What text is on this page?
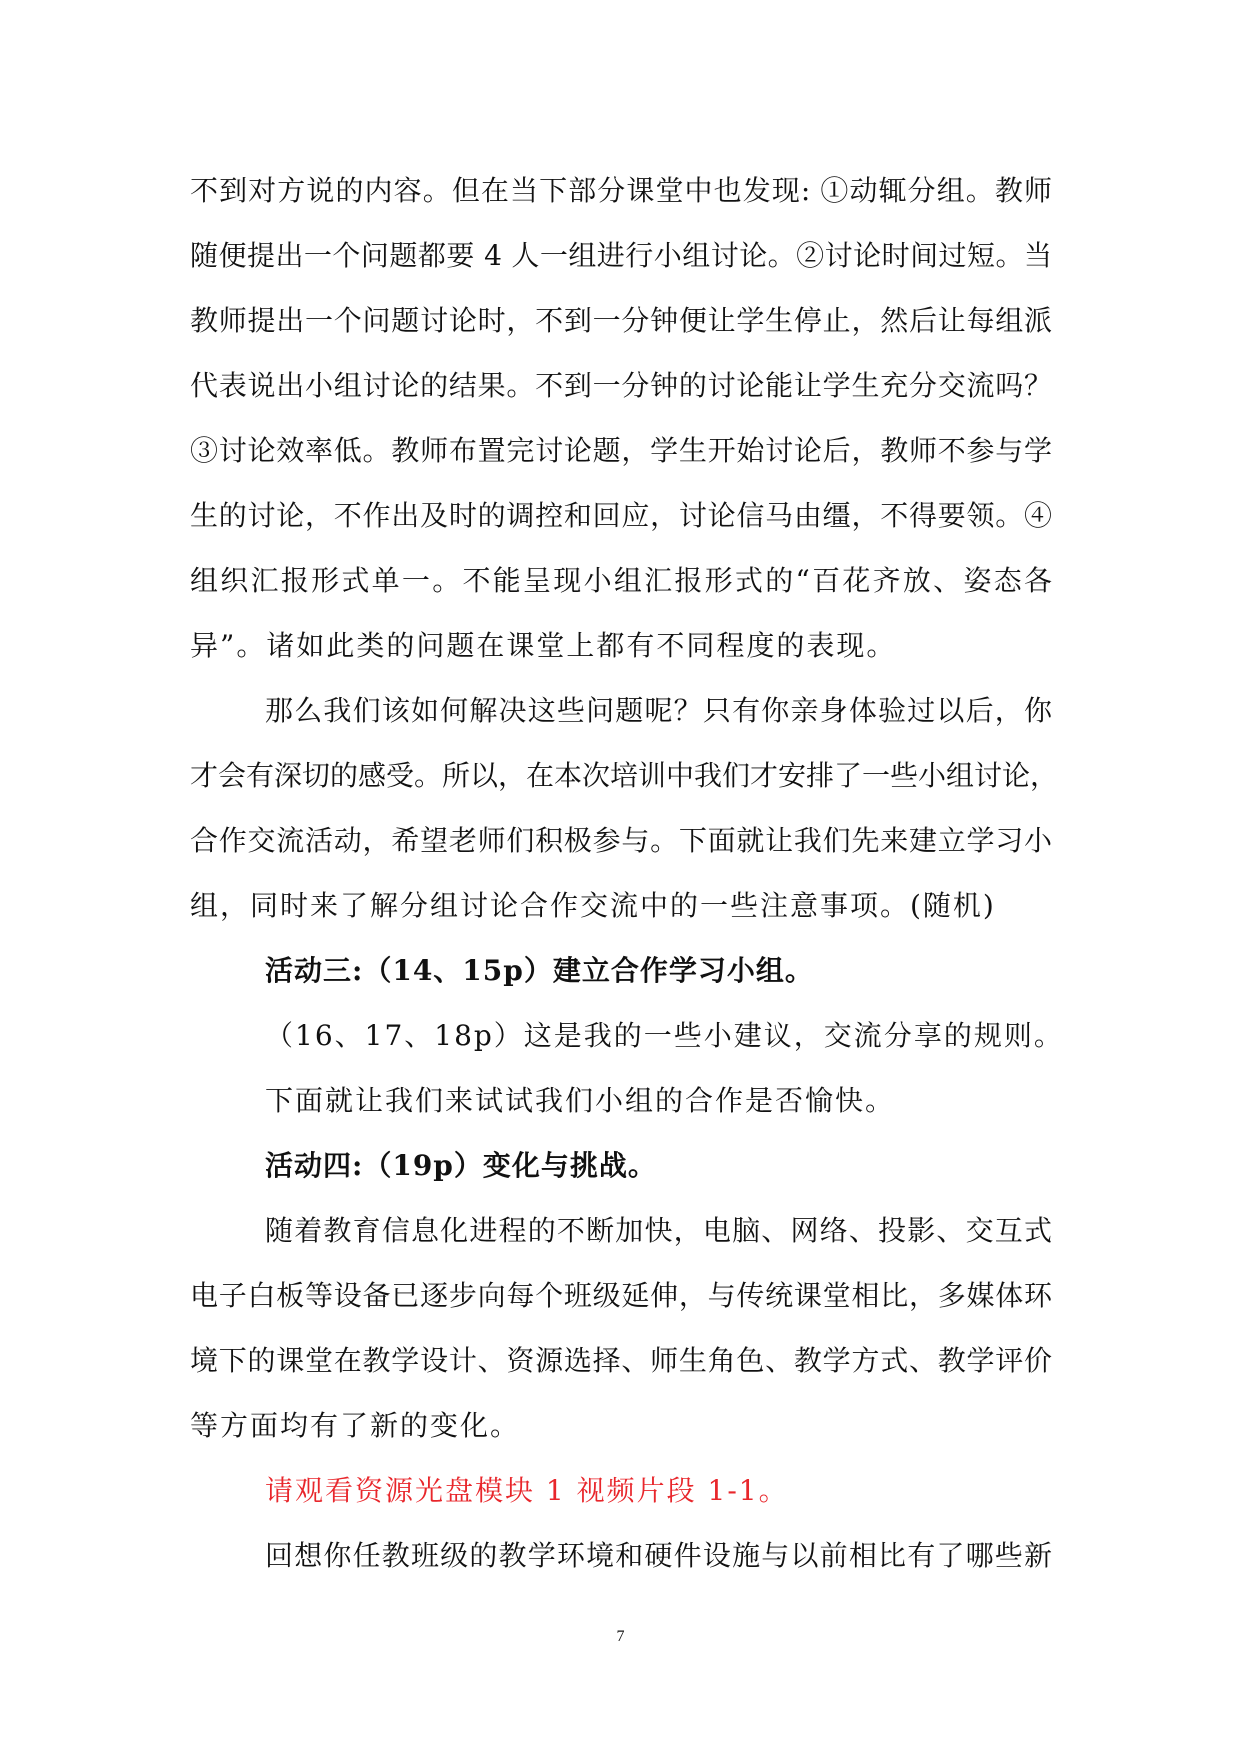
不到对方说的内容。但在当下部分课堂中也发现: ①动辄分组。教师
随便提出一个问题都要 4 人一组进行小组讨论。②讨论时间过短。当
教师提出一个问题讨论时，不到一分钟便让学生停止，然后让每组派
代表说出小组讨论的结果。不到一分钟的讨论能让学生充分交流吗？
③讨论效率低。教师布置完讨论题，学生开始讨论后，教师不参与学
生的讨论，不作出及时的调控和回应，讨论信马由缰，不得要领。④
组织汇报形式单一。不能呈现小组汇报形式的“百花齐放、姿态各
异”。诸如此类的问题在课堂上都有不同程度的表现。
那么我们该如何解决这些问题呢？只有你亲身体验过以后，你
才会有深切的感受。所以，在本次培训中我们才安排了一些小组讨论，
合作交流活动，希望老师们积极参与。下面就让我们先来建立学习小
组，同时来了解分组讨论合作交流中的一些注意事项。(随机)
活动三:（14、15p）建立合作学习小组。
（16、17、18p）这是我的一些小建议，交流分享的规则。
下面就让我们来试试我们小组的合作是否愉快。
活动四:（19p）变化与挑战。
随着教育信息化进程的不断加快，电脑、网络、投影、交互式
电子白板等设备已逐步向每个班级延伸，与传统课堂相比，多媒体环
境下的课堂在教学设计、资源选择、师生角色、教学方式、教学评价
等方面均有了新的变化。
请观看资源光盘模块 1 视频片段 1-1。
回想你任教班级的教学环境和硬件设施与以前相比有了哪些新
7
